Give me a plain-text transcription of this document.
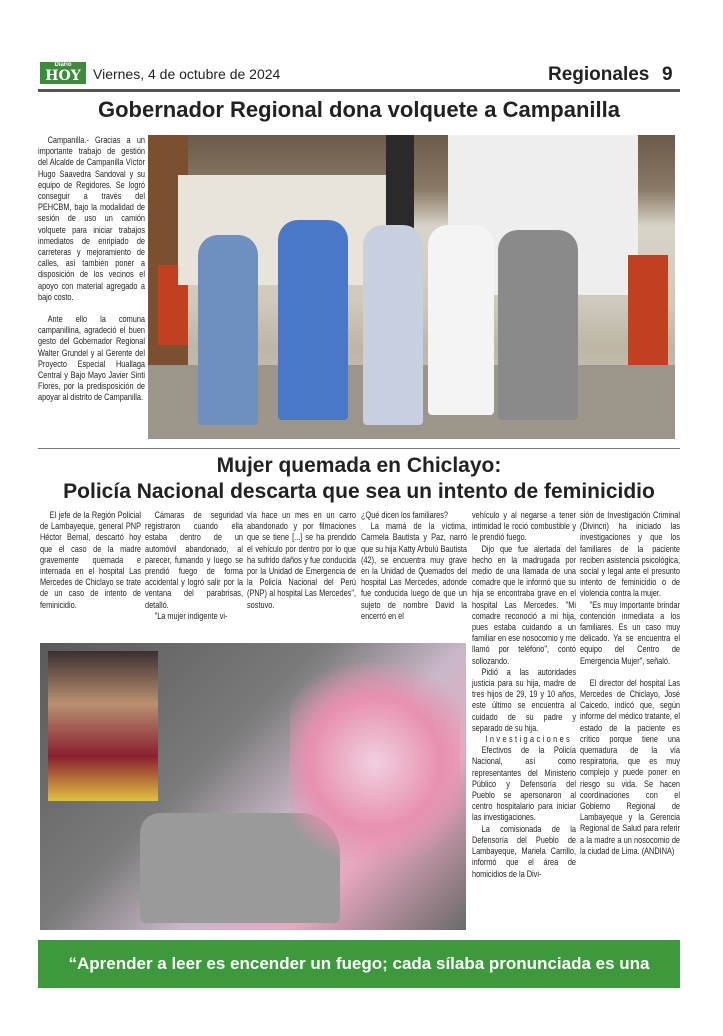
Diario
HOY Viernes, 4 de octubre de 2024	Regionales 9
Gobernador Regional dona volquete a Campanilla

Campanilla.- Gracias a un importante trabajo de gestión del Alcalde de Campanilla Víctor Hugo Saavedra Sandoval y su equipo de Regidores. Se logró conseguir a través del PEHCBM, bajo la modalidad de sesión de uso un camión volquete para iniciar trabajos inmediatos de enripiado de carreteras y mejoramiento de calles, así también poner a disposición de los vecinos el apoyo con material agregado a bajo costo.

Ante ello la comuna campanillina, agradeció el buen gesto del Gobernador Regional Walter Grundel y al Gerente del Proyecto Especial Huallaga Central y Bajo Mayo Javier Sinti Flores, por la predisposición de apoyar al distrito de Campanilla.

Mujer quemada en Chiclayo:
Policía Nacional descarta que sea un intento de feminicidio

El jefe de la Región Policial de Lambayeque, general PNP Héctor Bernal, descartó hoy que el caso de la madre gravemente quemada e internada en el hospital Las Mercedes de Chiclayo se trate de un caso de intento de feminicidio.

Cámaras de seguridad registraron cuando ella estaba dentro de un automóvil abandonado, al parecer, fumando y luego se prendió fuego de forma accidental y logró salir por la ventana del parabrisas, detalló.

"La mujer indigente vi-

vía hace un mes en un carro abandonado y por filmaciones que se tiene [...] se ha prendido el vehículo por dentro por lo que ha sufrido daños y fue conducida por la Unidad de Emergencia de la Policía Nacional del Perú (PNP) al hospital Las Mercedes", sostuvo.

¿Qué dicen los familiares?

La mamá de la víctima, Carmela Bautista y Paz, narró que su hija Katty Arbulú Bautista (42), se encuentra muy grave en la Unidad de Quemados del hospital Las Mercedes, adonde fue conducida luego de que un sujeto de nombre David la encerró en el

vehículo y al negarse a tener intimidad le roció combustible y le prendió fuego.

Dijo que fue alertada del hecho en la madrugada por medio de una llamada de una comadre que le informó que su hija se encontraba grave en el hospital Las Mercedes. "Mi comadre reconoció a mi hija, pues estaba cuidando a un familiar en ese nosocomio y me llamó por teléfono", contó sollozando.

Pidió a las autoridades justicia para su hija, madre de tres hijos de 29, 19 y 10 años, este último se encuentra al cuidado de su padre y separado de su hija.

Investigaciones

Efectivos de la Policía Nacional, así como representantes del Ministerio Público y Defensoría del Pueblo se apersonaron al centro hospitalario para iniciar las investigaciones.

La comisionada de la Defensoría del Pueblo de Lambayeque, Mariela Carrillo, informó que el área de homicidios de la Divi-

sión de Investigación Criminal (Divincri) ha iniciado las investigaciones y que los familiares de la paciente reciben asistencia psicológica, social y legal ante el presunto intento de feminicidio o de violencia contra la mujer.

"Es muy importante brindar contención inmediata a los familiares. Es un caso muy delicado. Ya se encuentra el equipo del Centro de Emergencia Mujer", señaló.

El director del hospital Las Mercedes de Chiclayo, José Caicedo, indicó que, según informe del médico tratante, el estado de la paciente es crítico porque tiene una quemadura de la vía respiratoria, que es muy complejo y puede poner en riesgo su vida. Se hacen coordinaciones con el Gobierno Regional de Lambayeque y la Gerencia Regional de Salud para referir a la madre a un nosocomio de la ciudad de Lima. (ANDINA)

“Aprender a leer es encender un fuego; cada sílaba pronunciada es una chispa”.
